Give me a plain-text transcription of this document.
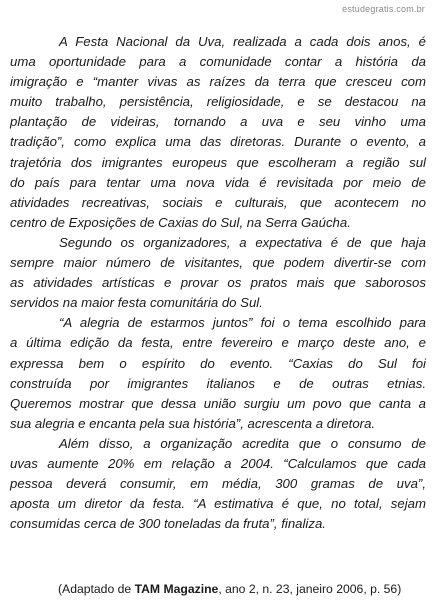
estudegratis.com.br
A Festa Nacional da Uva, realizada a cada dois anos, é
uma oportunidade para a comunidade contar a história da
imigração e “manter vivas as raízes da terra que cresceu com
muito trabalho, persistência, religiosidade, e se destacou na
plantação de videiras, tornando a uva e seu vinho uma
tradição”, como explica uma das diretoras. Durante o evento, a
trajetória dos imigrantes europeus que escolheram a região sul
do país para tentar uma nova vida é revisitada por meio de
atividades recreativas, sociais e culturais, que acontecem no
centro de Exposições de Caxias do Sul, na Serra Gaúcha.
Segundo os organizadores, a expectativa é de que haja
sempre maior número de visitantes, que podem divertir-se com
as atividades artísticas e provar os pratos mais que saborosos
servidos na maior festa comunitária do Sul.
“A alegria de estarmos juntos” foi o tema escolhido para
a última edição da festa, entre fevereiro e março deste ano, e
expressa bem o espírito do evento. “Caxias do Sul foi
construída por imigrantes italianos e de outras etnias.
Queremos mostrar que dessa união surgiu um povo que canta a
sua alegria e encanta pela sua história”, acrescenta a diretora.
Além disso, a organização acredita que o consumo de
uvas aumente 20% em relação a 2004. “Calculamos que cada
pessoa deverá consumir, em média, 300 gramas de uva”,
aposta um diretor da festa. “A estimativa é que, no total, sejam
consumidas cerca de 300 toneladas da fruta”, finaliza.
(Adaptado de TAM Magazine, ano 2, n. 23, janeiro 2006, p. 56)
